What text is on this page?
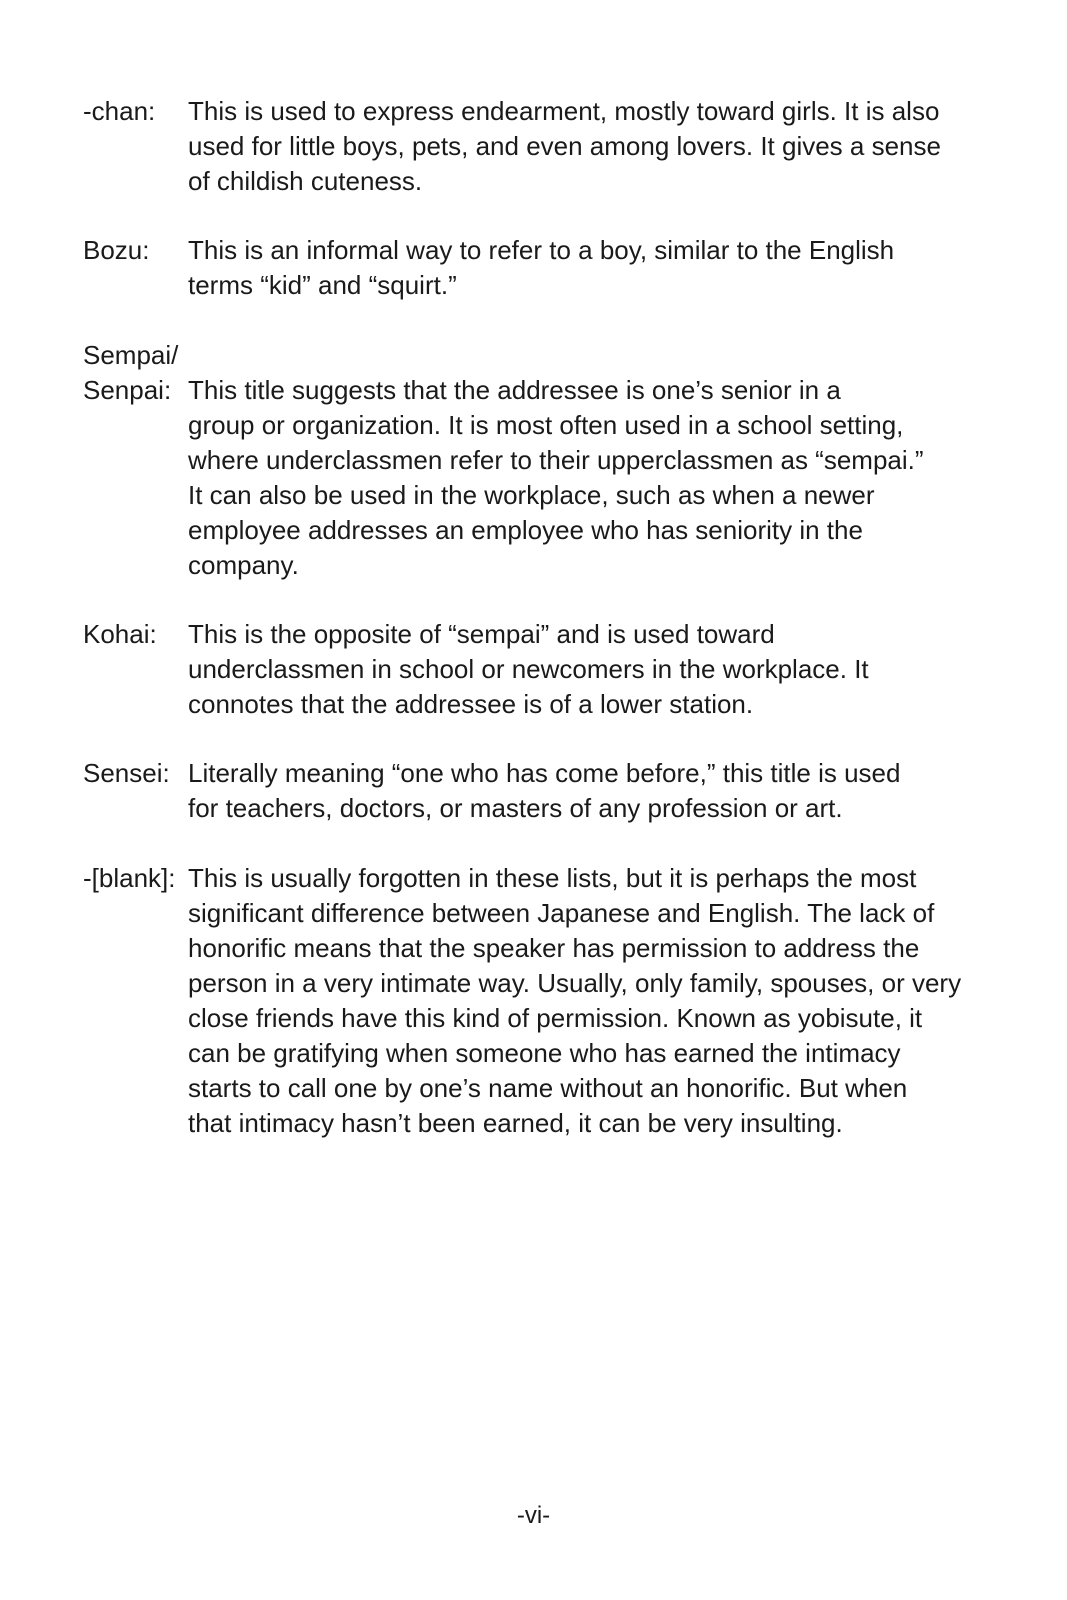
-chan: This is used to express endearment, mostly toward girls. It is also
used for little boys, pets, and even among lovers. It gives a sense
of childish cuteness.
Bozu: This is an informal way to refer to a boy, similar to the English
terms “kid” and “squirt.”
Sempai/
Senpai: This title suggests that the addressee is one’s senior in a
group or organization. It is most often used in a school setting,
where underclassmen refer to their upperclassmen as “sempai.”
It can also be used in the workplace, such as when a newer
employee addresses an employee who has seniority in the
company.
Kohai: This is the opposite of “sempai” and is used toward
underclassmen in school or newcomers in the workplace. It
connotes that the addressee is of a lower station.
Sensei: Literally meaning “one who has come before,” this title is used
for teachers, doctors, or masters of any profession or art.
-[blank]: This is usually forgotten in these lists, but it is perhaps the most
significant difference between Japanese and English. The lack of
honorific means that the speaker has permission to address the
person in a very intimate way. Usually, only family, spouses, or very
close friends have this kind of permission. Known as yobisute, it
can be gratifying when someone who has earned the intimacy
starts to call one by one’s name without an honorific. But when
that intimacy hasn’t been earned, it can be very insulting.
-vi-
